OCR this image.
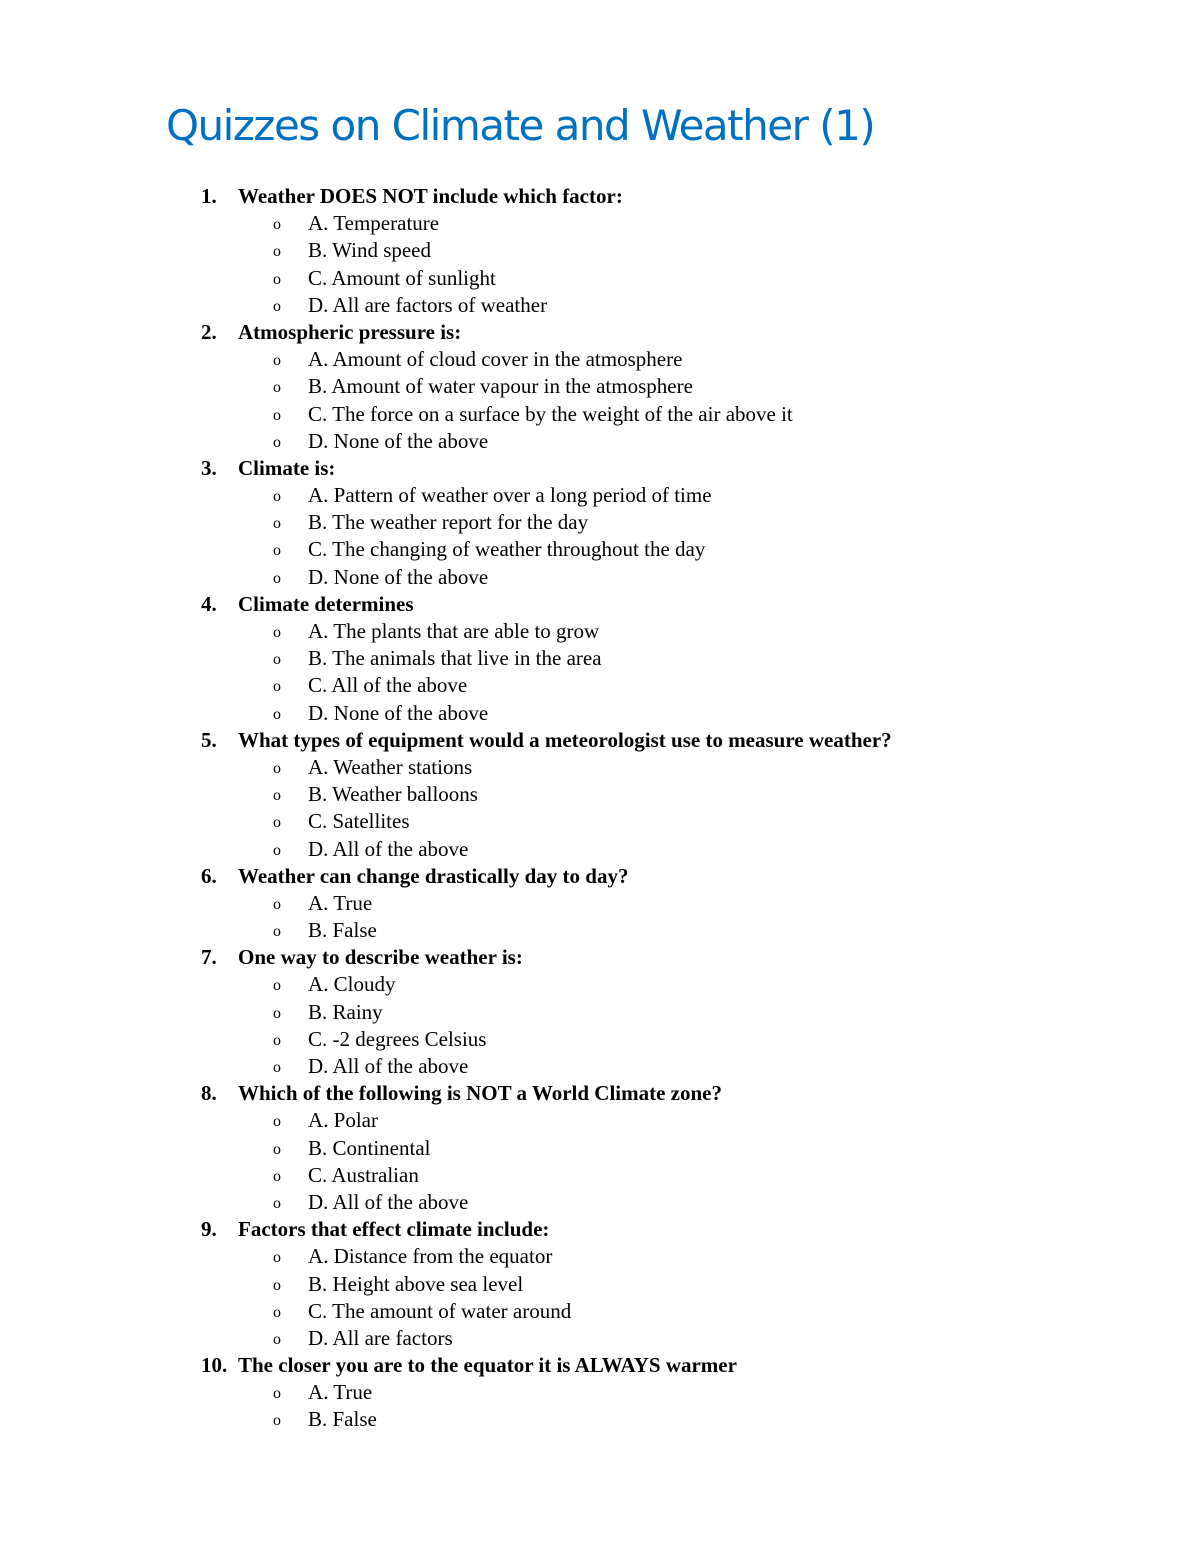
Quizzes on Climate and Weather (1)
1.	Weather DOES NOT include which factor:
o A. Temperature
o B. Wind speed
o C. Amount of sunlight
o D. All are factors of weather
2.	Atmospheric pressure is:
o A. Amount of cloud cover in the atmosphere
o B. Amount of water vapour in the atmosphere
o C. The force on a surface by the weight of the air above it
o D. None of the above
3.	Climate is:
o A. Pattern of weather over a long period of time
o B. The weather report for the day
o C. The changing of weather throughout the day
o D. None of the above
4.	Climate determines
o A. The plants that are able to grow
o B. The animals that live in the area
o C. All of the above
o D. None of the above
5.	What types of equipment would a meteorologist use to measure weather?
o A. Weather stations
o B. Weather balloons
o C. Satellites
o D. All of the above
6.	Weather can change drastically day to day?
o A. True
o B. False
7.	One way to describe weather is:
o A. Cloudy
o B. Rainy
o C. -2 degrees Celsius
o D. All of the above
8.	Which of the following is NOT a World Climate zone?
o A. Polar
o B. Continental
o C. Australian
o D. All of the above
9.	Factors that effect climate include:
o A. Distance from the equator
o B. Height above sea level
o C. The amount of water around
o D. All are factors
10. The closer you are to the equator it is ALWAYS warmer
o A. True
o B. False
